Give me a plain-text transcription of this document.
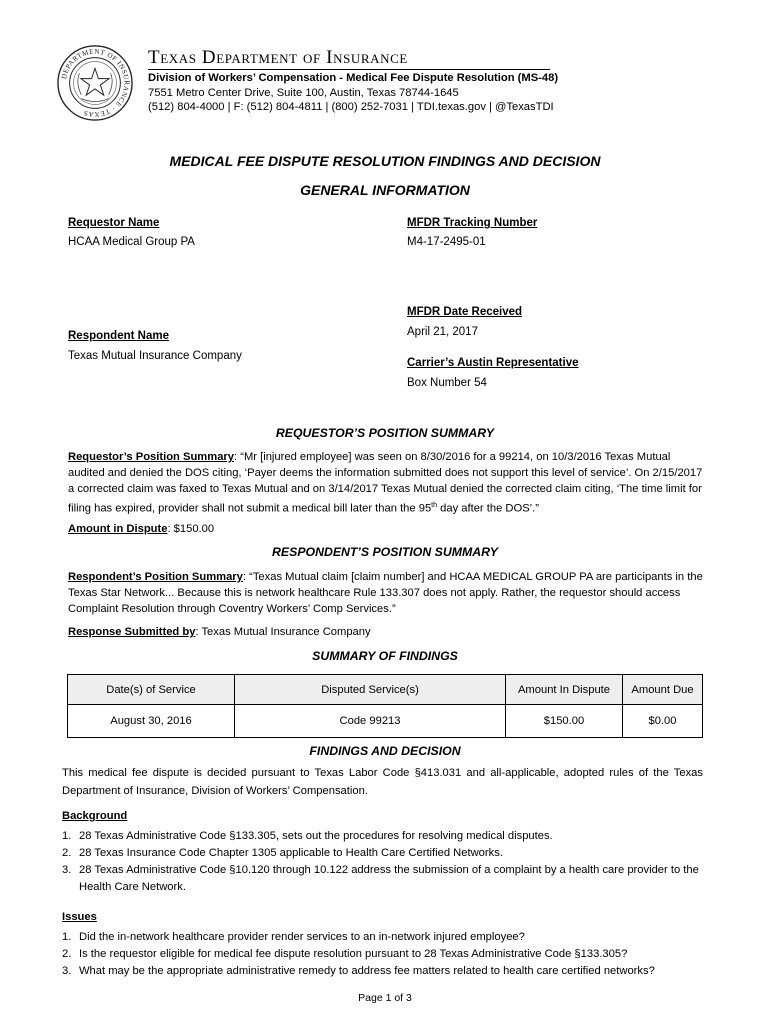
DEPARTMENT OF INSURANCE · TEXAS
Texas Department of Insurance
Division of Workers’ Compensation - Medical Fee Dispute Resolution (MS-48)
7551 Metro Center Drive, Suite 100, Austin, Texas 78744-1645
(512) 804-4000 | F: (512) 804-4811 | (800) 252-7031 | TDI.texas.gov | @TexasTDI
MEDICAL FEE DISPUTE RESOLUTION FINDINGS AND DECISION
GENERAL INFORMATION
Requestor Name
HCAA Medical Group PA
MFDR Tracking Number
M4-17-2495-01
MFDR Date Received
April 21, 2017
Respondent Name
Texas Mutual Insurance Company
Carrier’s Austin Representative
Box Number 54
REQUESTOR’S POSITION SUMMARY
Requestor’s Position Summary: “Mr [injured employee] was seen on 8/30/2016 for a 99214, on 10/3/2016 Texas Mutual audited and denied the DOS citing, ‘Payer deems the information submitted does not support this level of service’. On 2/15/2017 a corrected claim was faxed to Texas Mutual and on 3/14/2017 Texas Mutual denied the corrected claim citing, ‘The time limit for filing has expired, provider shall not submit a medical bill later than the 95th day after the DOS’.”
Amount in Dispute: $150.00
RESPONDENT’S POSITION SUMMARY
Respondent’s Position Summary: “Texas Mutual claim [claim number] and HCAA MEDICAL GROUP PA are participants in the Texas Star Network... Because this is network healthcare Rule 133.307 does not apply. Rather, the requestor should access Complaint Resolution through Coventry Workers’ Comp Services.”
Response Submitted by: Texas Mutual Insurance Company
SUMMARY OF FINDINGS
Date(s) of Service	Disputed Service(s)	Amount In Dispute	Amount Due
August 30, 2016	Code 99213	$150.00	$0.00
FINDINGS AND DECISION
This medical fee dispute is decided pursuant to Texas Labor Code §413.031 and all-applicable, adopted rules of the Texas Department of Insurance, Division of Workers’ Compensation.
Background
1. 28 Texas Administrative Code §133.305, sets out the procedures for resolving medical disputes.
2. 28 Texas Insurance Code Chapter 1305 applicable to Health Care Certified Networks.
3. 28 Texas Administrative Code §10.120 through 10.122 address the submission of a complaint by a health care provider to the Health Care Network.
Issues
1. Did the in-network healthcare provider render services to an in-network injured employee?
2. Is the requestor eligible for medical fee dispute resolution pursuant to 28 Texas Administrative Code §133.305?
3. What may be the appropriate administrative remedy to address fee matters related to health care certified networks?
Page 1 of 3
